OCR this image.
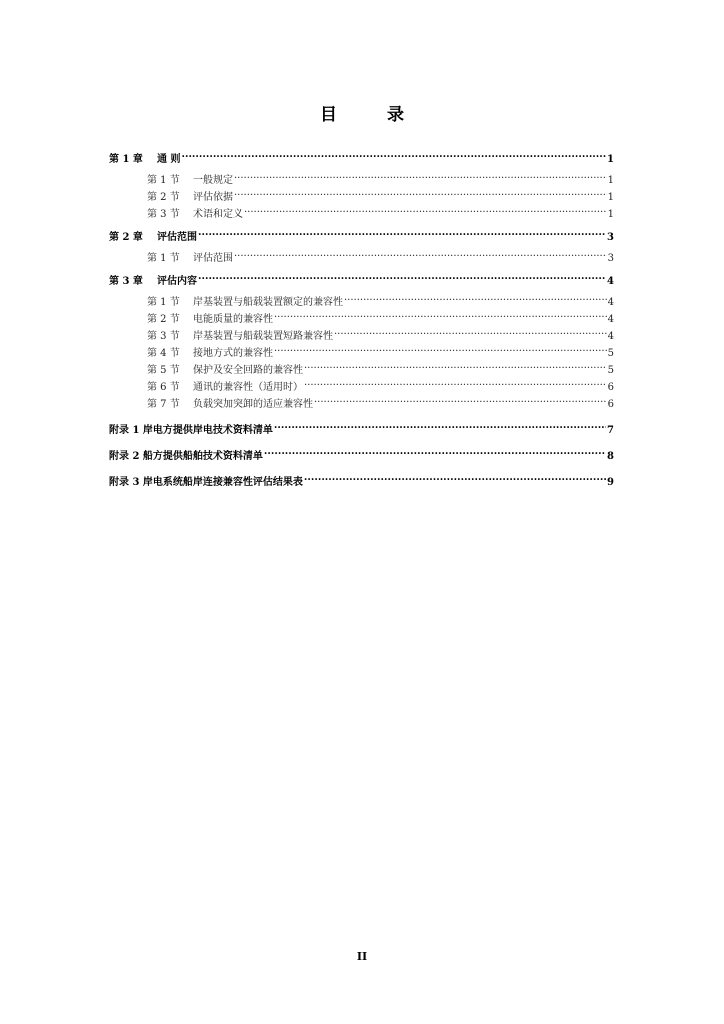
目 录
第 1 章 通 则 .....	1
第 1 节 一般规定 .....	1
第 2 节 评估依据 .....	1
第 3 节 术语和定义 .....	1
第 2 章 评估范围 .....	3
第 1 节 评估范围 .....	3
第 3 章 评估内容 .....	4
第 1 节 岸基装置与船载装置额定的兼容性 .....	4
第 2 节 电能质量的兼容性 .....	4
第 3 节 岸基装置与船载装置短路兼容性 .....	4
第 4 节 接地方式的兼容性 .....	5
第 5 节 保护及安全回路的兼容性 .....	5
第 6 节 通讯的兼容性（适用时） .....	6
第 7 节 负载突加突卸的适应兼容性 .....	6
附录 1 岸电方提供岸电技术资料清单 .....	7
附录 2 船方提供船舶技术资料清单 .....	8
附录 3 岸电系统船岸连接兼容性评估结果表 .....	9
II
